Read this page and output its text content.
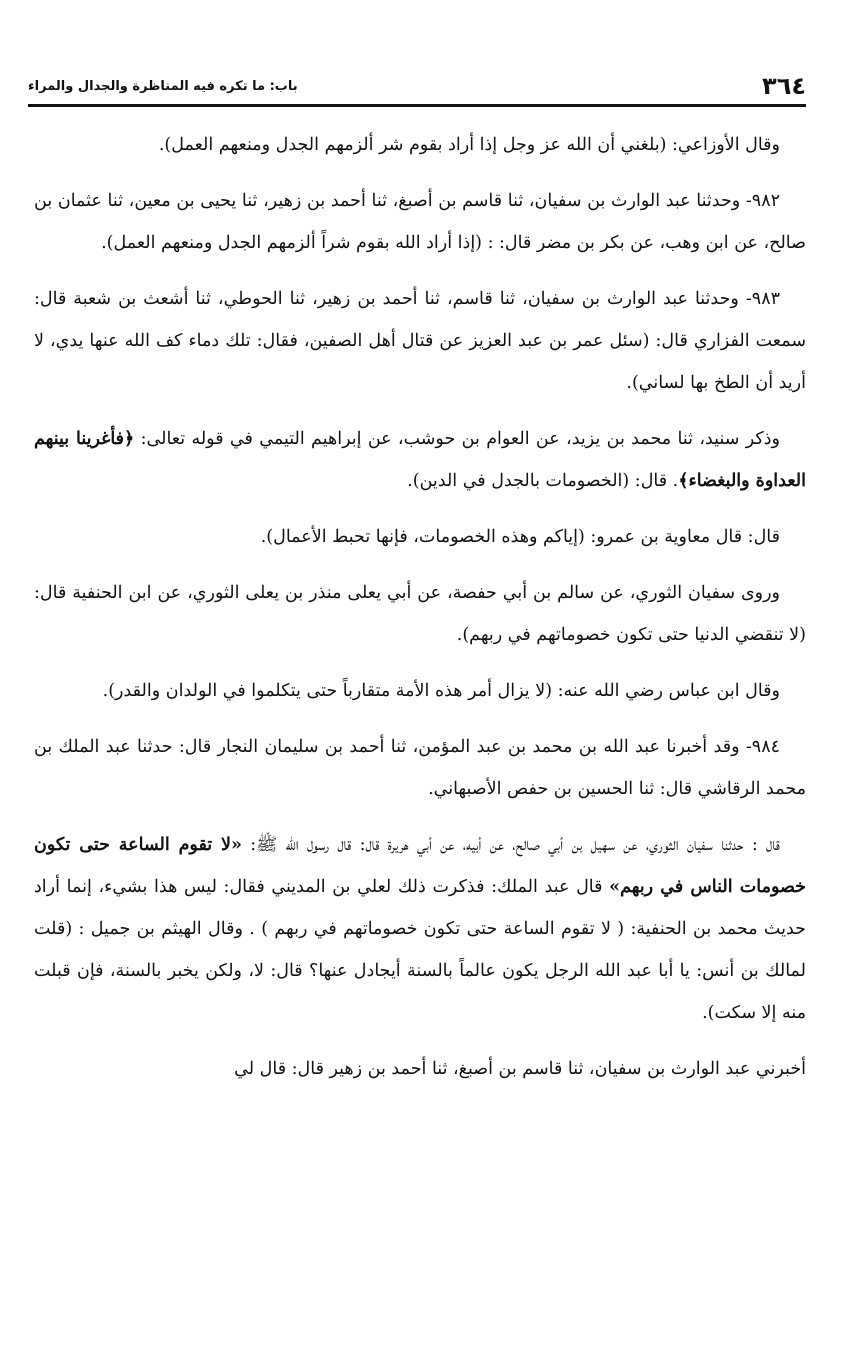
٣٦٤
باب: ما تكره فيه المناظرة والجدال والمراء

وقال الأوزاعي: (بلغني أن الله عز وجل إذا أراد بقوم شر ألزمهم الجدل ومنعهم العمل).

٩٨٢- وحدثنا عبد الوارث بن سفيان، ثنا قاسم بن أصبغ، ثنا أحمد بن زهير، ثنا يحيى بن معين، ثنا عثمان بن صالح، عن ابن وهب، عن بكر بن مضر قال: : (إذا أراد الله بقوم شراً ألزمهم الجدل ومنعهم العمل).

٩٨٣- وحدثنا عبد الوارث بن سفيان، ثنا قاسم، ثنا أحمد بن زهير، ثنا الحوطي، ثنا أشعث بن شعبة قال: سمعت الفزاري قال: (سئل عمر بن عبد العزيز عن قتال أهل الصفين، فقال: تلك دماء كف الله عنها يدي، لا أريد أن الطخ بها لساني).

وذكر سنيد، ثنا محمد بن يزيد، عن العوام بن حوشب، عن إبراهيم التيمي في قوله تعالى: ﴿فأغرينا بينهم العداوة والبغضاء﴾. قال: (الخصومات بالجدل في الدين).

قال: قال معاوية بن عمرو: (إياكم وهذه الخصومات، فإنها تحبط الأعمال).

وروى سفيان الثوري، عن سالم بن أبي حفصة، عن أبي يعلى منذر بن يعلى الثوري، عن ابن الحنفية قال: (لا تنقضي الدنيا حتى تكون خصوماتهم في ربهم).

وقال ابن عباس رضي الله عنه: (لا يزال أمر هذه الأمة متقارباً حتى يتكلموا في الولدان والقدر).

٩٨٤- وقد أخبرنا عبد الله بن محمد بن عبد المؤمن، ثنا أحمد بن سليمان النجار قال: حدثنا عبد الملك بن محمد الرقاشي قال: ثنا الحسين بن حفص الأصبهاني.

قال : حدثنا سفيان الثوري، عن سهيل بن أبي صالح، عن أبيه، عن أبي هريرة قال: قال رسول الله ﷺ: «لا تقوم الساعة حتى تكون خصومات الناس في ربهم» قال عبد الملك: فذكرت ذلك لعلي بن المديني فقال: ليس هذا بشيء، إنما أراد حديث محمد بن الحنفية: ( لا تقوم الساعة حتى تكون خصوماتهم في ربهم ) . وقال الهيثم بن جميل : (قلت لمالك بن أنس: يا أبا عبد الله الرجل يكون عالماً بالسنة أيجادل عنها؟ قال: لا، ولكن يخبر بالسنة، فإن قبلت منه إلا سكت).

أخبرني عبد الوارث بن سفيان، ثنا قاسم بن أصبغ، ثنا أحمد بن زهير قال: قال لي
